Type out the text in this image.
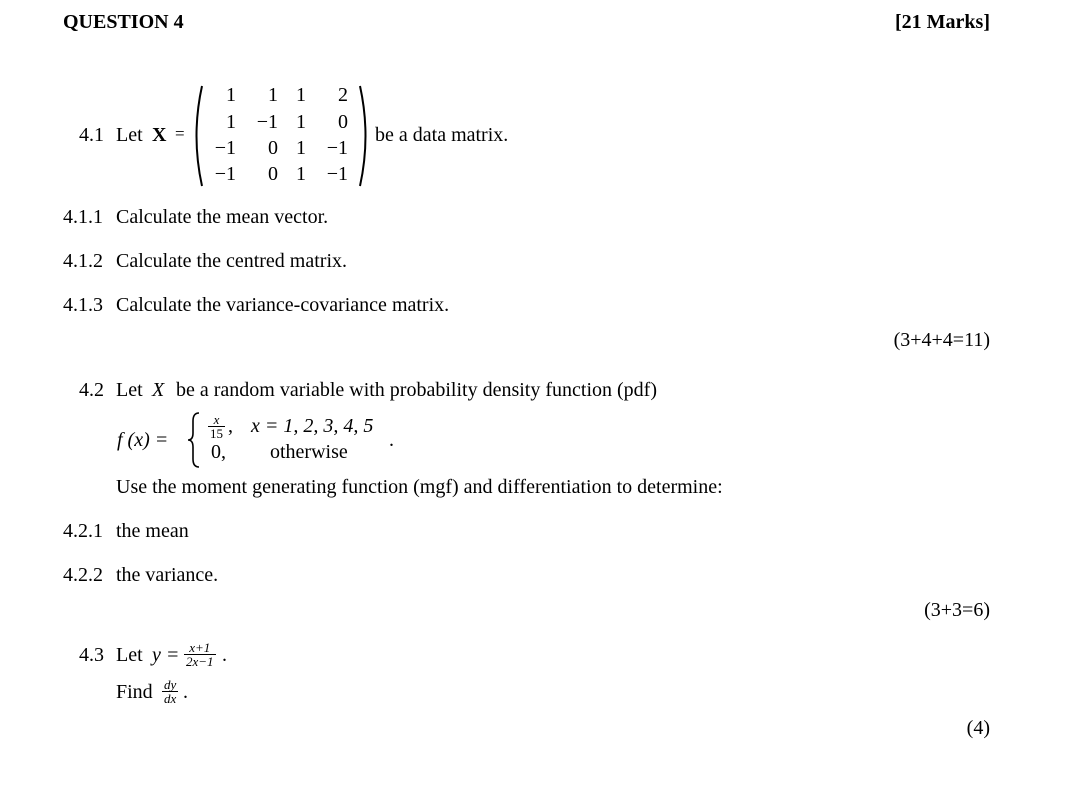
QUESTION 4	[21 Marks]
4.1 Let X =
1	1 1	2
1	−1 1	0
−1	0 1	−1
−1	0 1	−1
be a data matrix.
4.1.1 Calculate the mean vector.
4.1.2 Calculate the centred matrix.
4.1.3 Calculate the variance-covariance matrix.
(3+4+4=11)
4.2 Let X be a random variable with probability density function (pdf)
f (x) =	$\frac{x}{15}$ , x = 1, 2, 3, 4, 5
0, otherwise
.
Use the moment generating function (mgf) and differentiation to determine:
4.2.1 the mean
4.2.2 the variance.
(3+3=6)
4.3 Let $y = \frac{x+1}{2x-1}$ .
Find $\frac{dy}{dx}$ .
(4)
